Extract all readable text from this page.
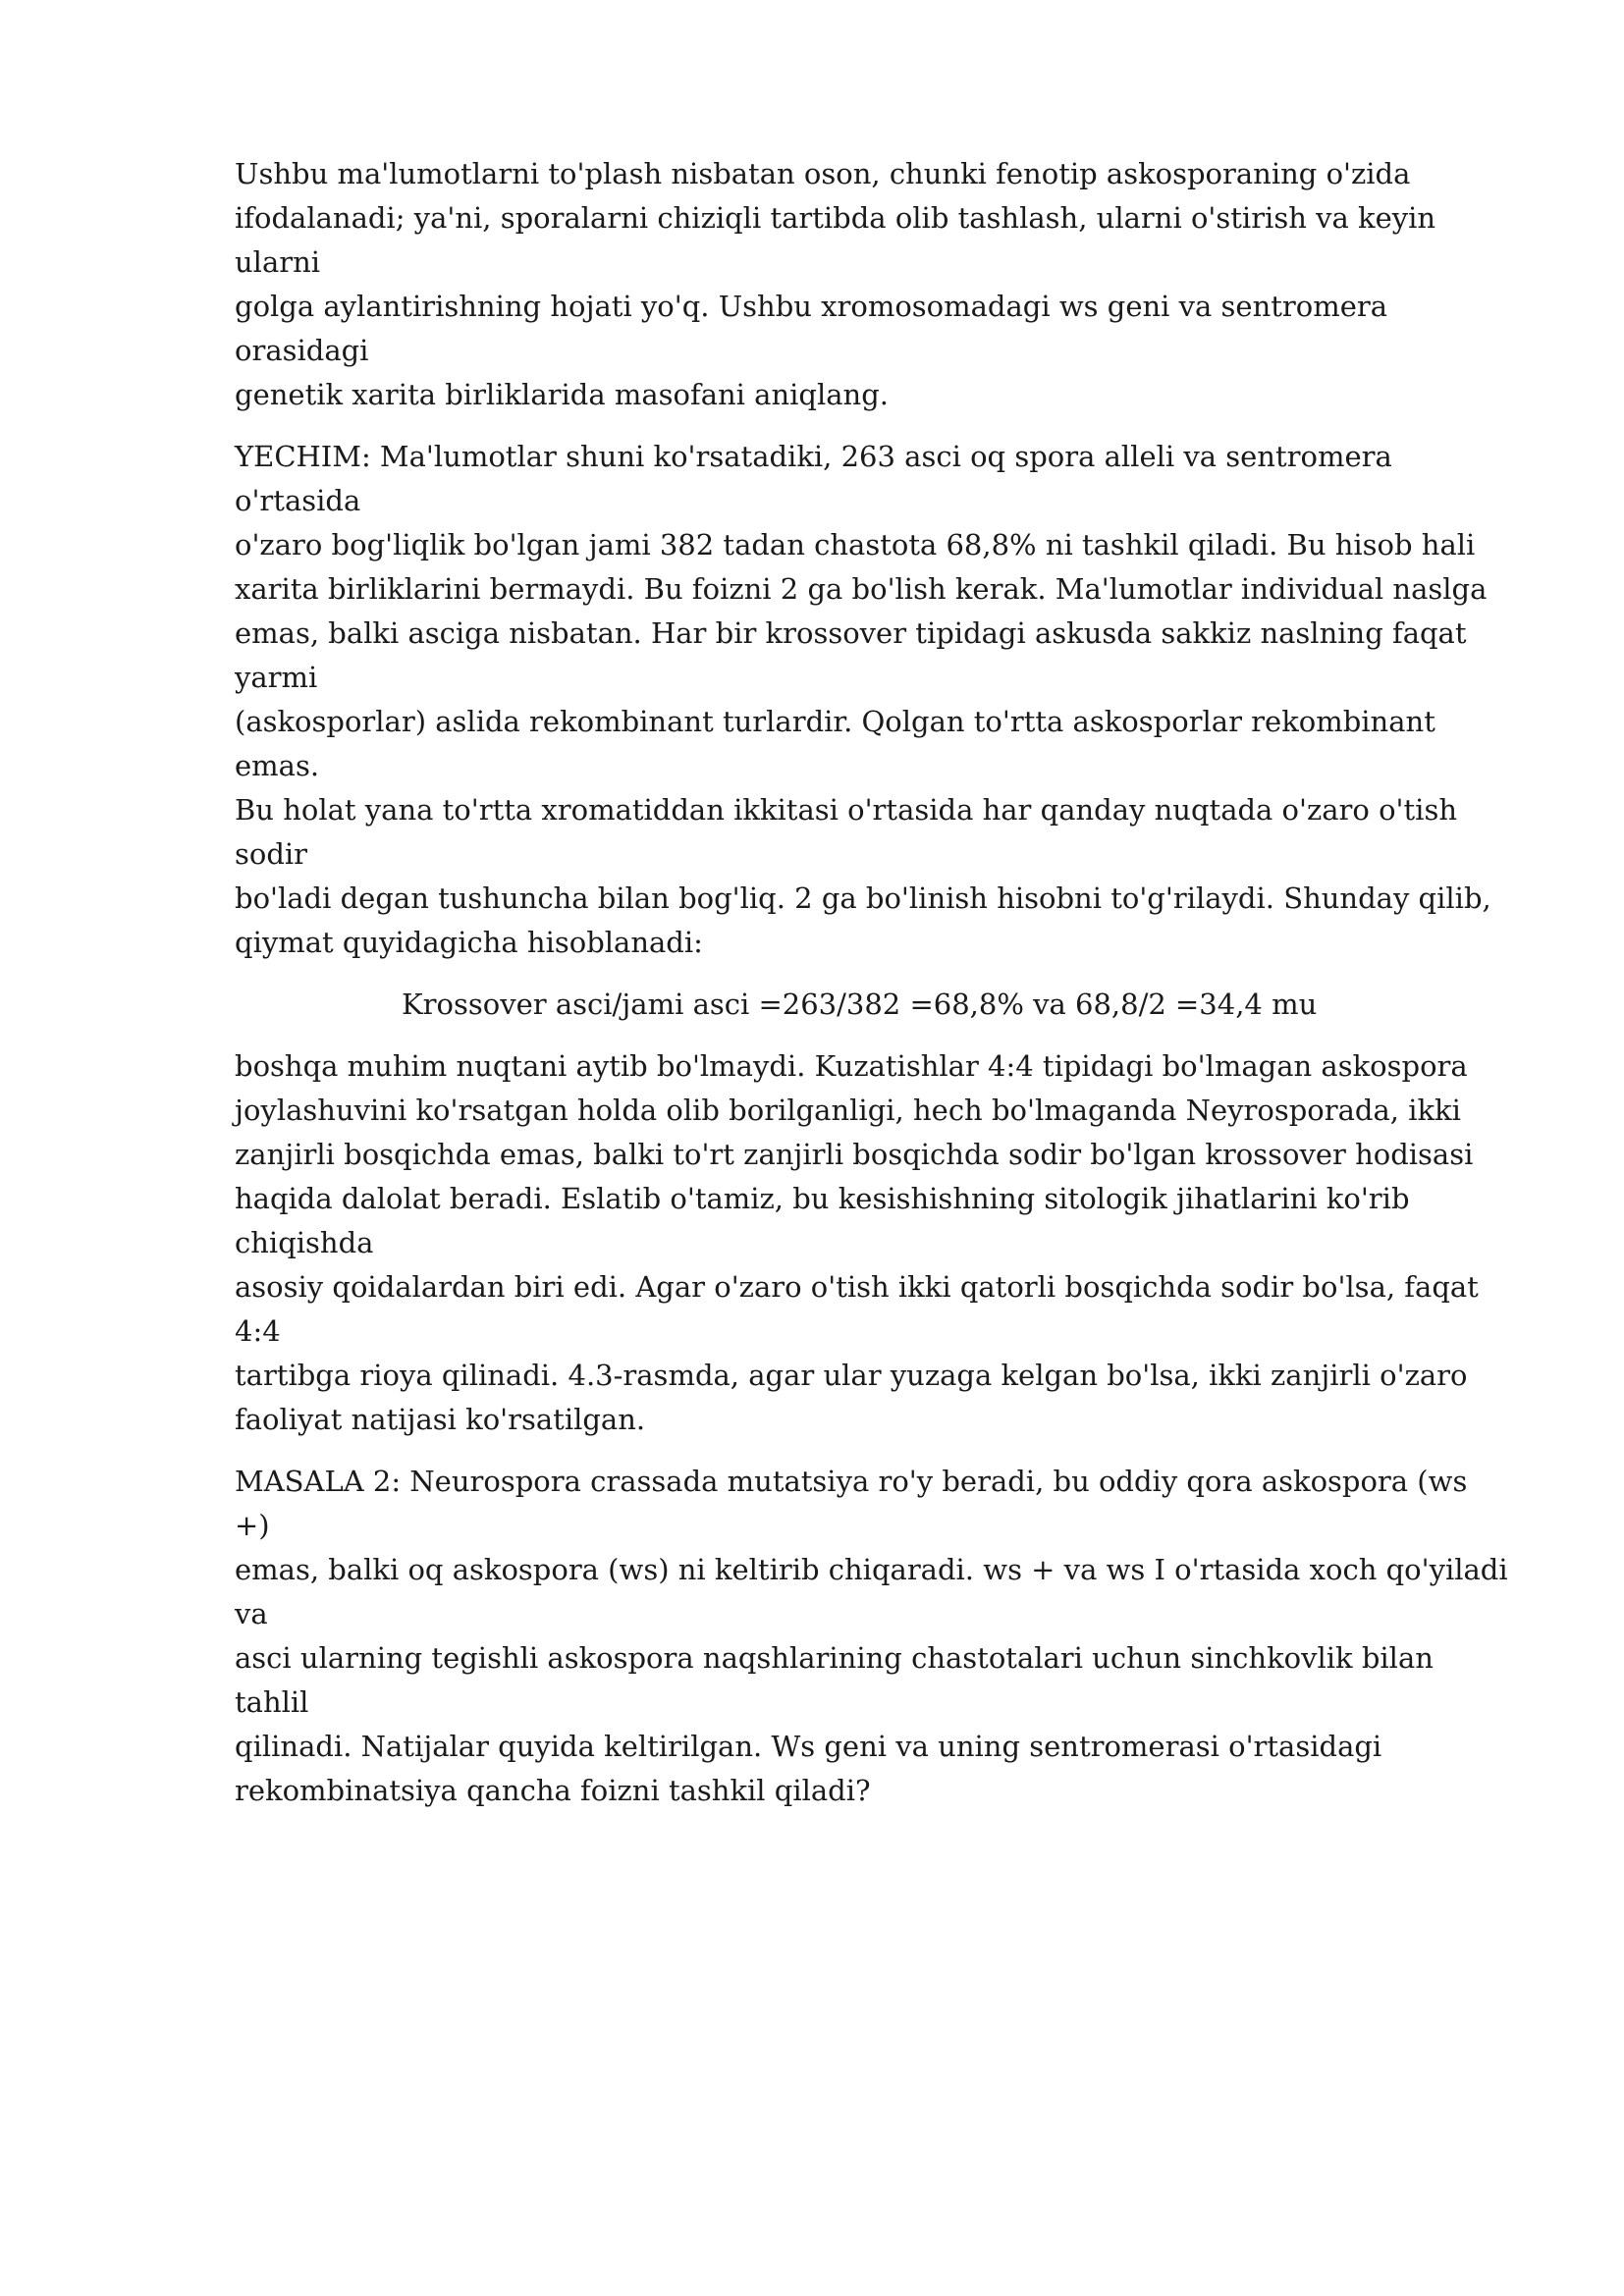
Ushbu ma'lumotlarni to'plash nisbatan oson, chunki fenotip askosporaning o'zida
ifodalanadi; ya'ni, sporalarni chiziqli tartibda olib tashlash, ularni o'stirish va keyin ularni
golga aylantirishning hojati yo'q. Ushbu xromosomadagi ws geni va sentromera orasidagi
genetik xarita birliklarida masofani aniqlang.

YECHIM: Ma'lumotlar shuni ko'rsatadiki, 263 asci oq spora alleli va sentromera o'rtasida
o'zaro bog'liqlik bo'lgan jami 382 tadan chastota 68,8% ni tashkil qiladi. Bu hisob hali
xarita birliklarini bermaydi. Bu foizni 2 ga bo'lish kerak. Ma'lumotlar individual naslga
emas, balki asciga nisbatan. Har bir krossover tipidagi askusda sakkiz naslning faqat yarmi
(askosporlar) aslida rekombinant turlardir. Qolgan to'rtta askosporlar rekombinant emas.
Bu holat yana to'rtta xromatiddan ikkitasi o'rtasida har qanday nuqtada o'zaro o'tish sodir
bo'ladi degan tushuncha bilan bog'liq. 2 ga bo'linish hisobni to'g'rilaydi. Shunday qilib,
qiymat quyidagicha hisoblanadi:

Krossover asci/jami asci =263/382 =68,8% va 68,8/2 =34,4 mu

boshqa muhim nuqtani aytib bo'lmaydi. Kuzatishlar 4:4 tipidagi bo'lmagan askospora
joylashuvini ko'rsatgan holda olib borilganligi, hech bo'lmaganda Neyrosporada, ikki
zanjirli bosqichda emas, balki to'rt zanjirli bosqichda sodir bo'lgan krossover hodisasi
haqida dalolat beradi. Eslatib o'tamiz, bu kesishishning sitologik jihatlarini ko'rib chiqishda
asosiy qoidalardan biri edi. Agar o'zaro o'tish ikki qatorli bosqichda sodir bo'lsa, faqat 4:4
tartibga rioya qilinadi. 4.3-rasmda, agar ular yuzaga kelgan bo'lsa, ikki zanjirli o'zaro
faoliyat natijasi ko'rsatilgan.

MASALA 2: Neurospora crassada mutatsiya ro'y beradi, bu oddiy qora askospora (ws +)
emas, balki oq askospora (ws) ni keltirib chiqaradi. ws + va ws I o'rtasida xoch qo'yiladi va
asci ularning tegishli askospora naqshlarining chastotalari uchun sinchkovlik bilan tahlil
qilinadi. Natijalar quyida keltirilgan. Ws geni va uning sentromerasi o'rtasidagi
rekombinatsiya qancha foizni tashkil qiladi?
